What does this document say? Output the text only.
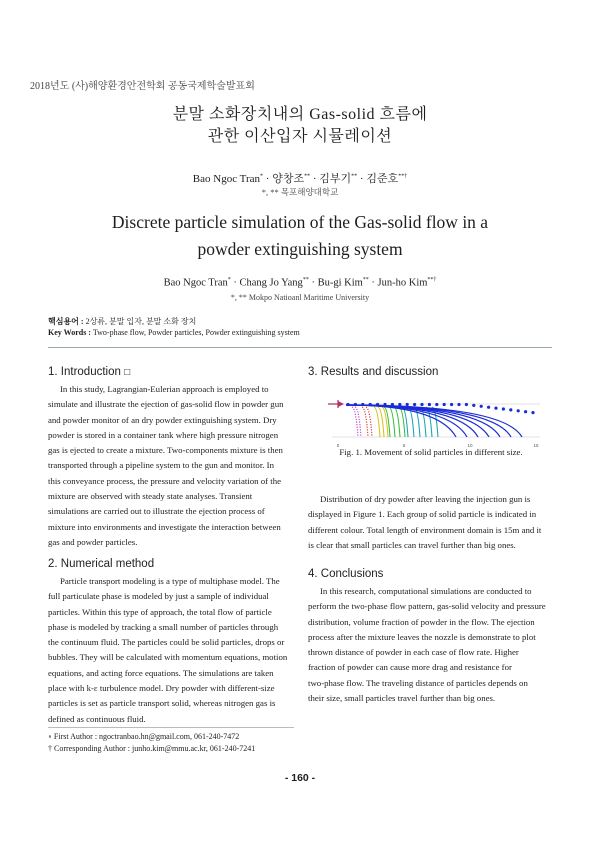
2018년도 (사)해양환경안전학회 공동국제학술발표회
분말 소화장치내의 Gas-solid 흐름에
관한 이산입자 시뮬레이션
Bao Ngoc Tran* · 양창조** · 김부기** · 김준호**†
*, ** 목포해양대학교
Discrete particle simulation of the Gas-solid flow in a
powder extinguishing system
Bao Ngoc Tran* · Chang Jo Yang** · Bu-gi Kim** · Jun-ho Kim**†
*, ** Mokpo Natioanl Maritime University
핵심용어 : 2상류, 분말 입자, 분말 소화 장치
Key Words : Two-phase flow, Powder particles, Powder extinguishing system
1. Introduction □
In this study, Lagrangian-Eulerian approach is employed to
simulate and illustrate the ejection of gas-solid flow in powder gun
and powder monitor of an dry powder extinguishing system. Dry
powder is stored in a container tank where high pressure nitrogen
gas is ejected to create a mixture. Two-components mixture is then
transported through a pipeline system to the gun and monitor. In
this conveyance process, the pressure and velocity variation of the
mixture are observed with steady state analyses. Transient
simulations are carried out to illustrate the ejection process of
mixture into environments and investigate the interaction between
gas and powder particles.
2. Numerical method
Particle transport modeling is a type of multiphase model. The
full particulate phase is modeled by just a sample of individual
particles. Within this type of approach, the total flow of particle
phase is modeled by tracking a small number of particles through
the continuum fluid. The particles could be solid particles, drops or
bubbles. They will be calculated with momentum equations, motion
equations, and acting force equations. The simulations are taken
place with k-ε turbulence model. Dry powder with different-size
particles is set as particle transport solid, whereas nitrogen gas is
defined as continuous fluid.
3. Results and discussion
0	5	10	15
Fig. 1. Movement of solid particles in different size.
Distribution of dry powder after leaving the injection gun is
displayed in Figure 1. Each group of solid particle is indicated in
different colour. Total length of environment domain is 15m and it
is clear that small particles can travel further than big ones.
4. Conclusions
In this research, computational simulations are conducted to
perform the two-phase flow pattern, gas-solid velocity and pressure
distribution, volume fraction of powder in the flow. The ejection
process after the mixture leaves the nozzle is demonstrate to plot
thrown distance of powder in each case of flow rate. Higher
fraction of powder can cause more drag and resistance for
two-phase flow. The traveling distance of particles depends on
their size, small particles travel further than big ones.
∘ First Author : ngoctranbao.hn@gmail.com, 061-240-7472
† Corresponding Author : junho.kim@mmu.ac.kr, 061-240-7241
- 160 -
